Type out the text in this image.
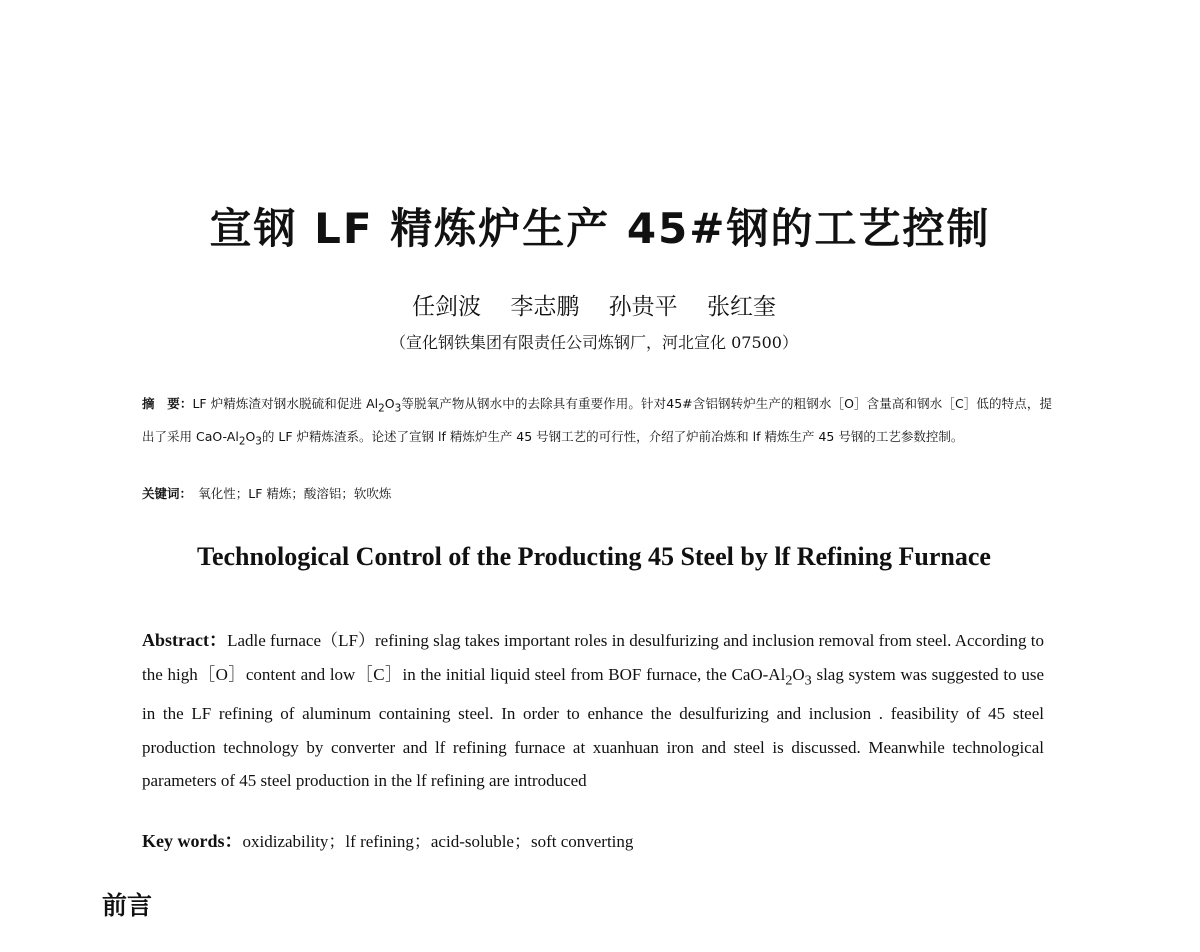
宣钢 LF 精炼炉生产 45#钢的工艺控制
任剑波 李志鹏 孙贵平 张红奎
（宣化钢铁集团有限责任公司炼钢厂，河北宣化 07500）

摘　要：LF 炉精炼渣对钢水脱硫和促进 $Al_2O_3$等脱氧产物从钢水中的去除具有重要作用。针对45#含铝钢转炉生产的粗钢水［O］含量高和钢水［C］低的特点，提出了采用 CaO-$Al_2O_3$的 LF 炉精炼渣系。论述了宣钢 lf 精炼炉生产 45 号钢工艺的可行性，介绍了炉前冶炼和 lf 精炼生产 45 号钢的工艺参数控制。

关键词：　 氧化性；LF 精炼；酸溶铝；软吹炼

Technological Control of the Producting 45 Steel by lf Refining Furnace

Abstract：Ladle furnace（LF）refining slag takes important roles in desulfurizing and inclusion removal from steel. According to the high［O］content and low［C］in the initial liquid steel from BOF furnace, the CaO-$Al_2O_3$ slag system was suggested to use in the LF refining of aluminum containing steel. In order to enhance the desulfurizing and inclusion . feasibility of 45 steel production technology by converter and lf refining furnace at xuanhuan iron and steel is discussed. Meanwhile technological parameters of 45 steel production in the lf refining are introduced

Key words：oxidizability；lf refining；acid-soluble；soft converting

前言
